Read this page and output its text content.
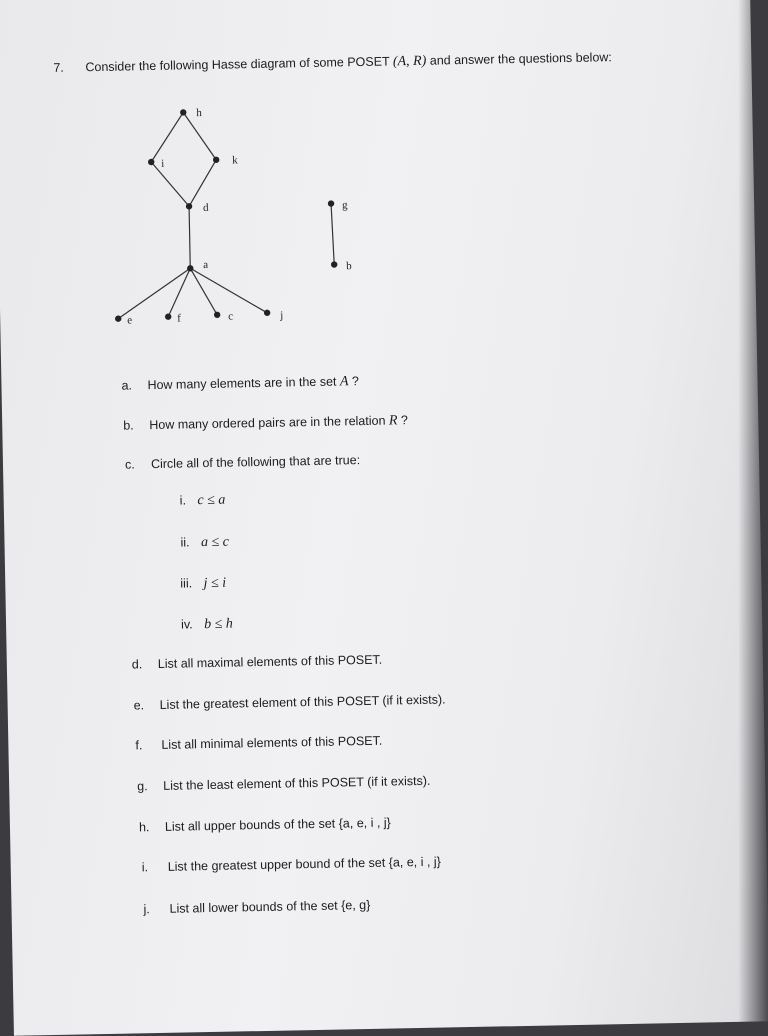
7. Consider the following Hasse diagram of some POSET (A, R) and answer the questions below:
h
i	k
d
a
e	f	c	j
g
b
a. How many elements are in the set A ?
b. How many ordered pairs are in the relation R ?
c. Circle all of the following that are true:
i. c ≤ a
ii. a ≤ c
iii. j ≤ i
iv. b ≤ h
d. List all maximal elements of this POSET.
e. List the greatest element of this POSET (if it exists).
f. List all minimal elements of this POSET.
g. List the least element of this POSET (if it exists).
h. List all upper bounds of the set {a, e, i , j}
i. List the greatest upper bound of the set {a, e, i , j}
j. List all lower bounds of the set {e, g}
